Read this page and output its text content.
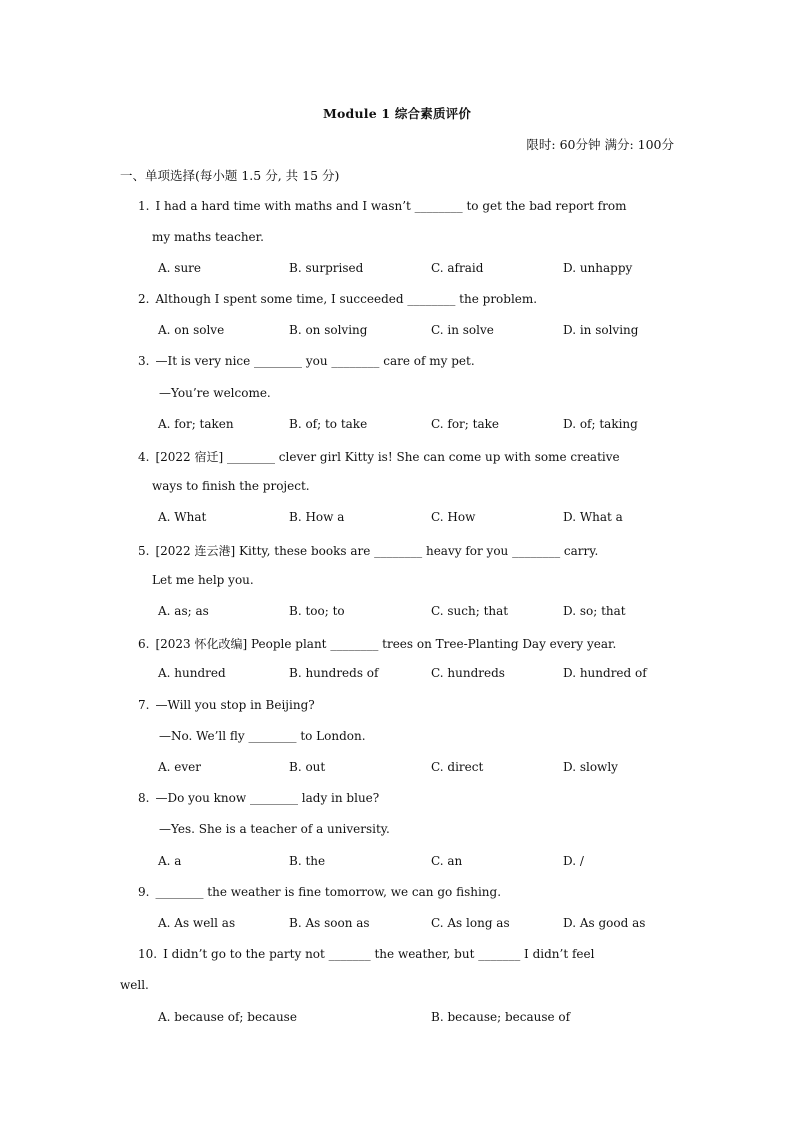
Module 1 综合素质评价
限时: 60分钟 满分: 100分
一、单项选择(每小题 1.5 分, 共 15 分)
1. I had a hard time with maths and I wasn’t ________ to get the bad report from
my maths teacher.
A. sure	B. surprised	C. afraid	D. unhappy
2. Although I spent some time, I succeeded ________ the problem.
A. on solve	B. on solving	C. in solve	D. in solving
3. —It is very nice ________ you ________ care of my pet.
—You’re welcome.
A. for; taken	B. of; to take	C. for; take	D. of; taking
4. [2022 宿迁] ________ clever girl Kitty is! She can come up with some creative
ways to finish the project.
A. What	B. How a	C. How	D. What a
5. [2022 连云港] Kitty, these books are ________ heavy for you ________ carry.
Let me help you.
A. as; as	B. too; to	C. such; that	D. so; that
6. [2023 怀化改编] People plant ________ trees on Tree-Planting Day every year.
A. hundred	B. hundreds of	C. hundreds	D. hundred of
7. —Will you stop in Beijing?
—No. We’ll fly ________ to London.
A. ever	B. out	C. direct	D. slowly
8. —Do you know ________ lady in blue?
—Yes. She is a teacher of a university.
A. a	B. the	C. an	D. /
9. ________ the weather is fine tomorrow, we can go fishing.
A. As well as	B. As soon as	C. As long as	D. As good as
10. I didn’t go to the party not _______ the weather, but _______ I didn’t feel
well.
A. because of; because	B. because; because of
